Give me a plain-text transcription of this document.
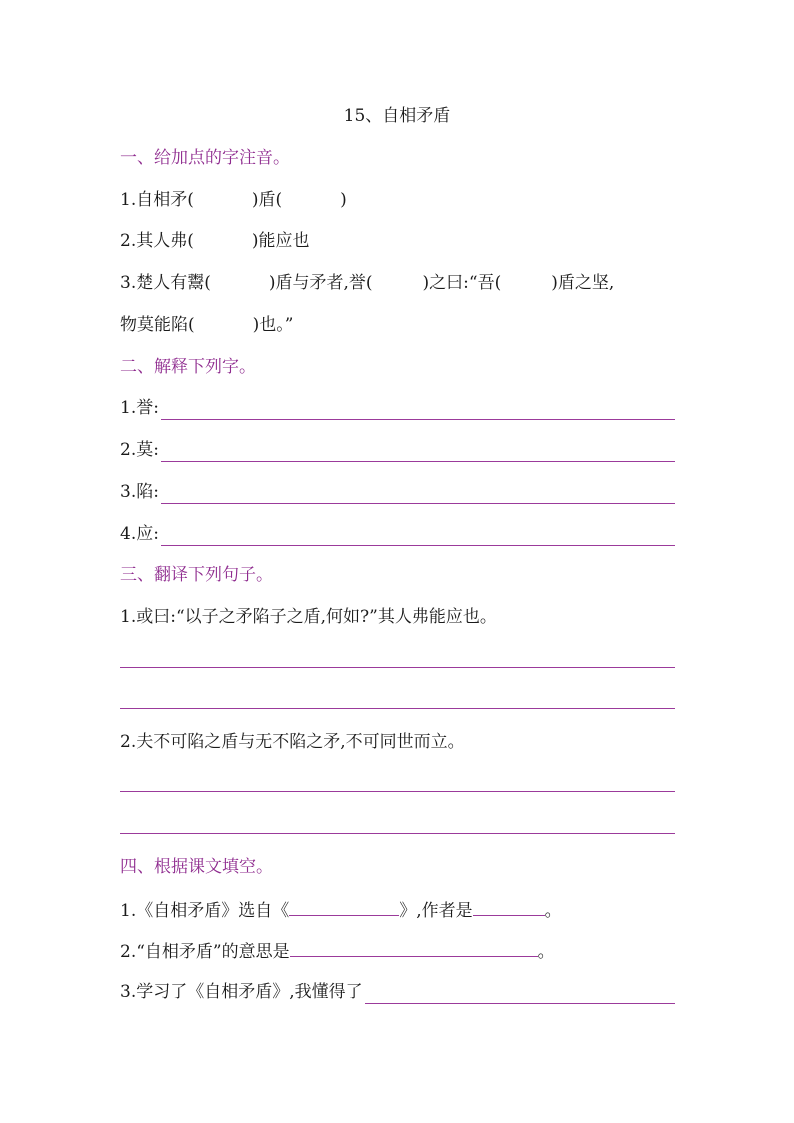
15、自相矛盾
一、给加点的字注音。
1.自相矛(	)盾(	)
2.其人弗(	)能应也
3.楚人有鬻(	)盾与矛者,誉(	)之曰:“吾(	)盾之坚,
物莫能陷(	)也。”
二、解释下列字。
1.誉:
2.莫:
3.陷:
4.应:
三、翻译下列句子。
1.或曰:“以子之矛陷子之盾,何如?”其人弗能应也。
2.夫不可陷之盾与无不陷之矛,不可同世而立。
四、根据课文填空。
1.《自相矛盾》选自《	》,作者是	。
2.“自相矛盾”的意思是	。
3.学习了《自相矛盾》,我懂得了
